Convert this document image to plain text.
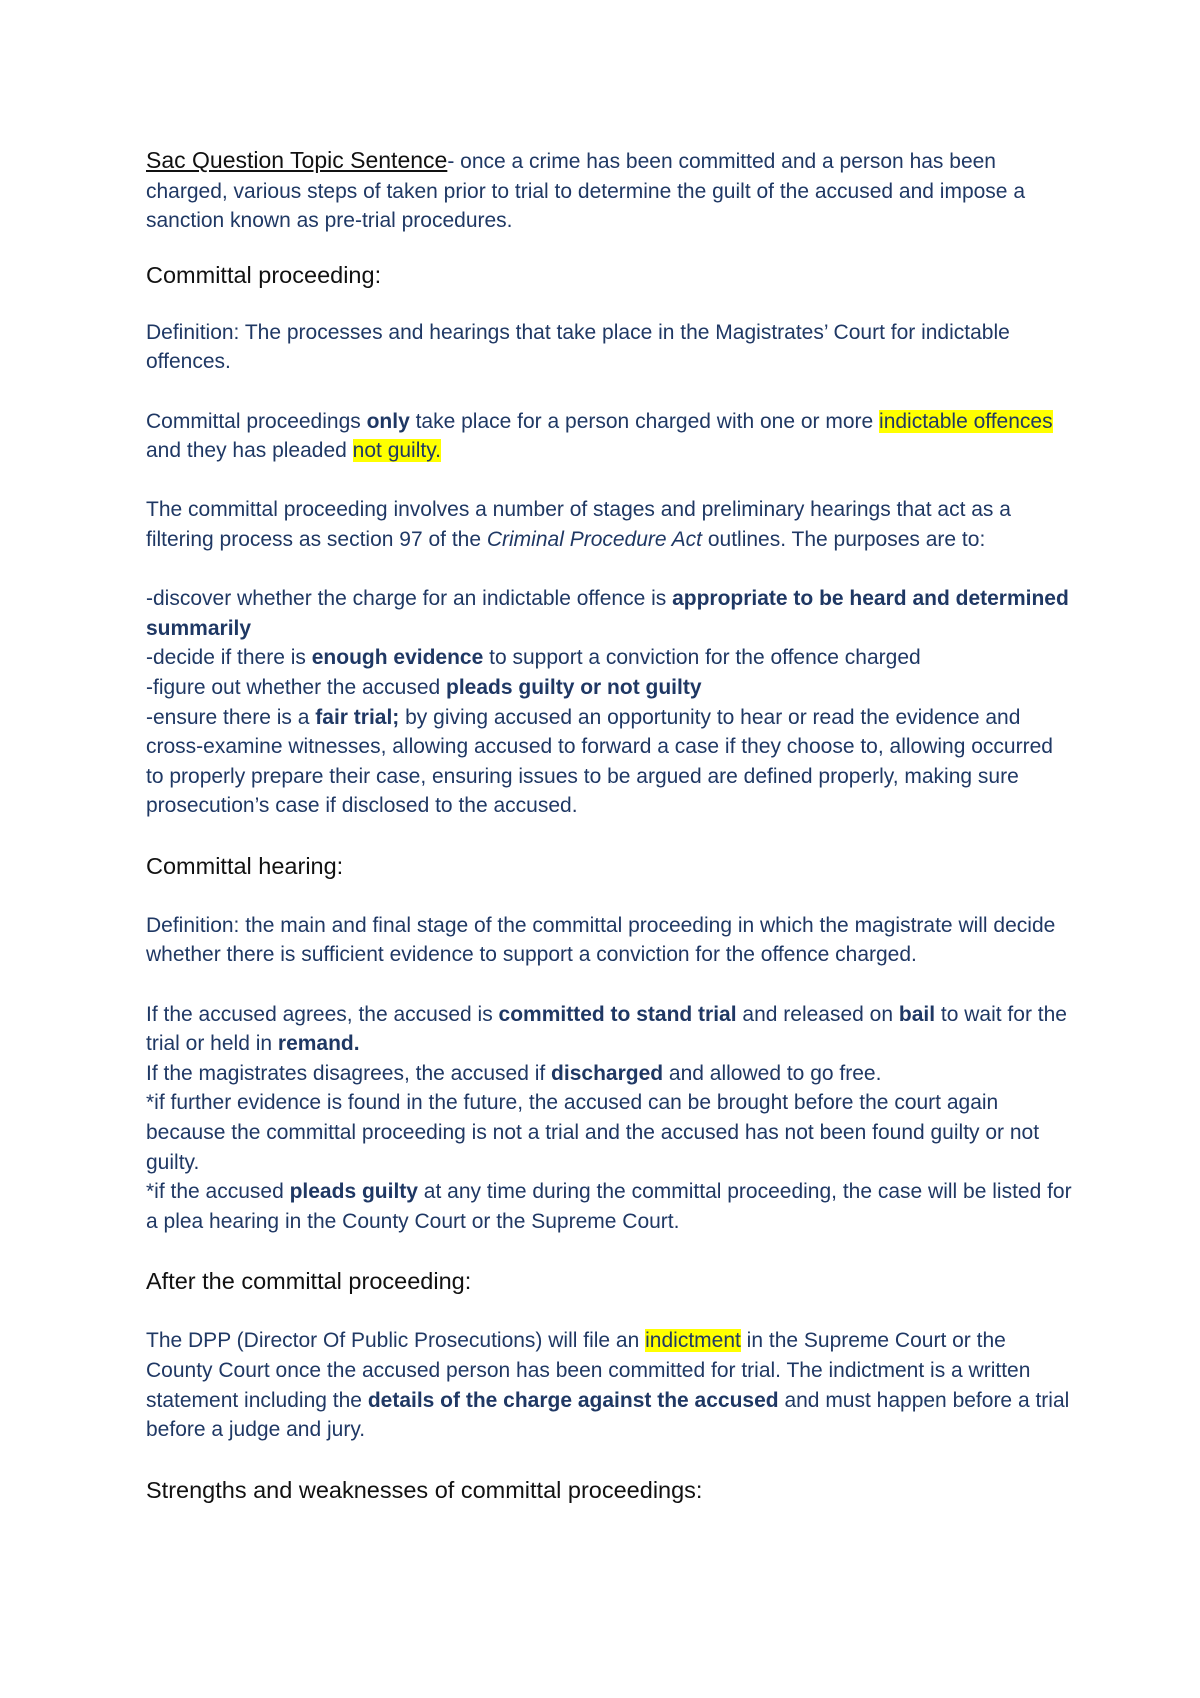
Sac Question Topic Sentence- once a crime has been committed and a person has been charged, various steps of taken prior to trial to determine the guilt of the accused and impose a sanction known as pre-trial procedures.

Committal proceeding:

Definition: The processes and hearings that take place in the Magistrates’ Court for indictable offences.

Committal proceedings only take place for a person charged with one or more indictable offences and they has pleaded not guilty.

The committal proceeding involves a number of stages and preliminary hearings that act as a filtering process as section 97 of the Criminal Procedure Act outlines. The purposes are to:

-discover whether the charge for an indictable offence is appropriate to be heard and determined summarily

-decide if there is enough evidence to support a conviction for the offence charged

-figure out whether the accused pleads guilty or not guilty

-ensure there is a fair trial; by giving accused an opportunity to hear or read the evidence and cross-examine witnesses, allowing accused to forward a case if they choose to, allowing occurred to properly prepare their case, ensuring issues to be argued are defined properly, making sure prosecution’s case if disclosed to the accused.

Committal hearing:

Definition: the main and final stage of the committal proceeding in which the magistrate will decide whether there is sufficient evidence to support a conviction for the offence charged.

If the accused agrees, the accused is committed to stand trial and released on bail to wait for the trial or held in remand.

If the magistrates disagrees, the accused if discharged and allowed to go free.

*if further evidence is found in the future, the accused can be brought before the court again because the committal proceeding is not a trial and the accused has not been found guilty or not guilty.

*if the accused pleads guilty at any time during the committal proceeding, the case will be listed for a plea hearing in the County Court or the Supreme Court.

After the committal proceeding:

The DPP (Director Of Public Prosecutions) will file an indictment in the Supreme Court or the County Court once the accused person has been committed for trial. The indictment is a written statement including the details of the charge against the accused and must happen before a trial before a judge and jury.

Strengths and weaknesses of committal proceedings:
